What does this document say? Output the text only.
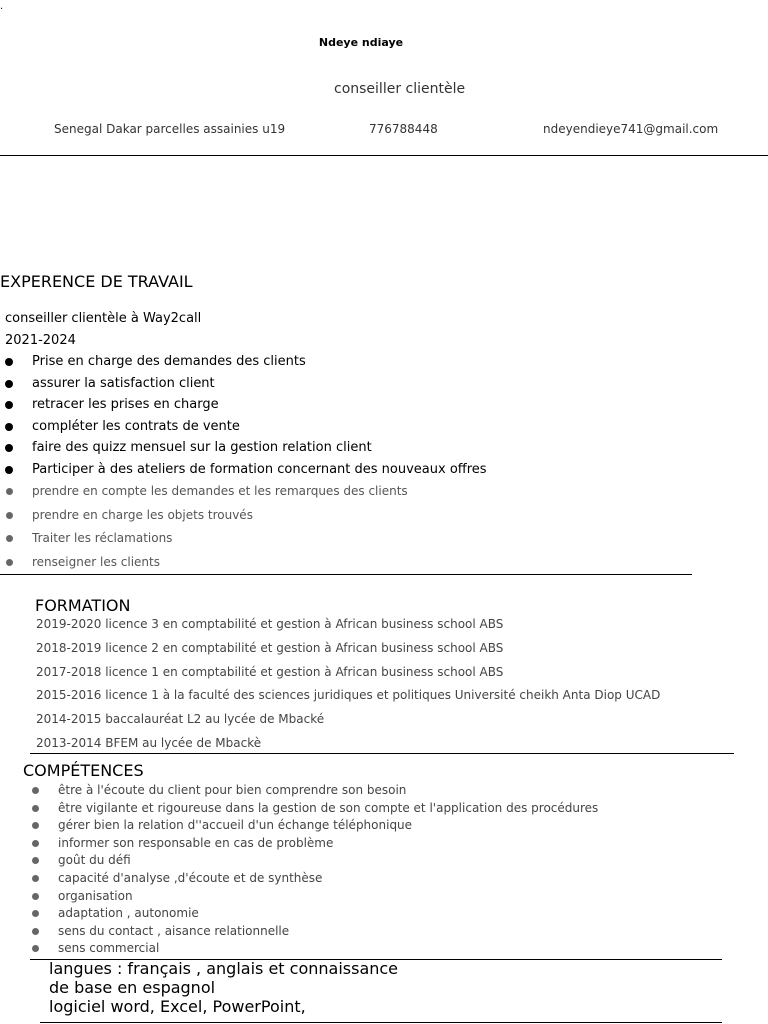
.
Ndeye ndiaye
conseiller clientèle
Senegal Dakar parcelles assainies u19	776788448	ndeyendieye741@gmail.com
EXPERENCE DE TRAVAIL
conseiller clientèle à Way2call
2021-2024
Prise en charge des demandes des clients
assurer la satisfaction client
retracer les prises en charge
compléter les contrats de vente
faire des quizz mensuel sur la gestion relation client
Participer à des ateliers de formation concernant des nouveaux offres
prendre en compte les demandes et les remarques des clients
prendre en charge les objets trouvés
Traiter les réclamations
renseigner les clients
FORMATION
2019-2020 licence 3 en comptabilité et gestion à African business school ABS
2018-2019 licence 2 en comptabilité et gestion à African business school ABS
2017-2018 licence 1 en comptabilité et gestion à African business school ABS
2015-2016 licence 1 à la faculté des sciences juridiques et politiques Université cheikh Anta Diop UCAD
2014-2015 baccalauréat L2 au lycée de Mbacké
2013-2014 BFEM au lycée de Mbackè
COMPÉTENCES
être à l'écoute du client pour bien comprendre son besoin
être vigilante et rigoureuse dans la gestion de son compte et l'application des procédures
gérer bien la relation d''accueil d'un échange téléphonique
informer son responsable en cas de problème
goût du défi
capacité d'analyse ,d'écoute et de synthèse
organisation
adaptation , autonomie
sens du contact , aisance relationnelle
sens commercial
langues : français , anglais et connaissance
de base en espagnol
logiciel word, Excel, PowerPoint,
